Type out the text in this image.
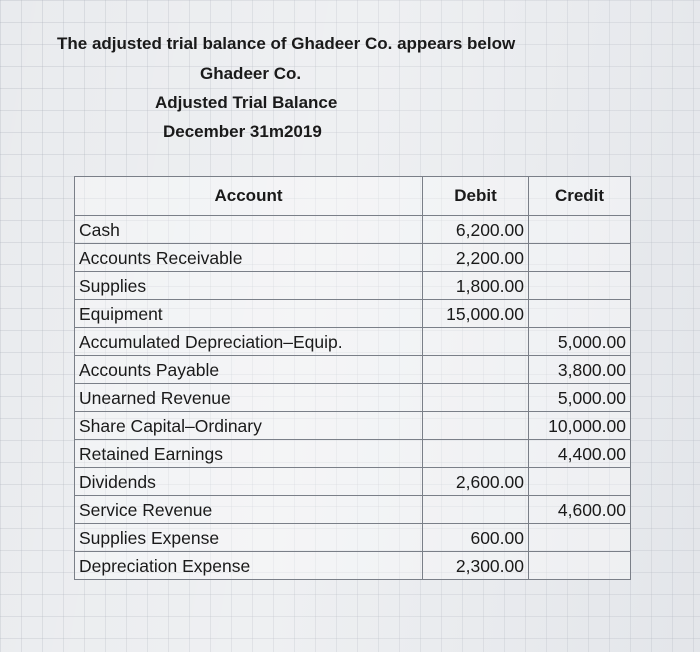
The adjusted trial balance of Ghadeer Co. appears below
Ghadeer Co.
Adjusted Trial Balance
December 31m2019
Account	Debit	Credit
Cash	6,200.00	
Accounts Receivable	2,200.00	
Supplies	1,800.00	
Equipment	15,000.00	
Accumulated Depreciation–Equip.		5,000.00
Accounts Payable		3,800.00
Unearned Revenue		5,000.00
Share Capital–Ordinary		10,000.00
Retained Earnings		4,400.00
Dividends	2,600.00	
Service Revenue		4,600.00
Supplies Expense	600.00	
Depreciation Expense	2,300.00	
